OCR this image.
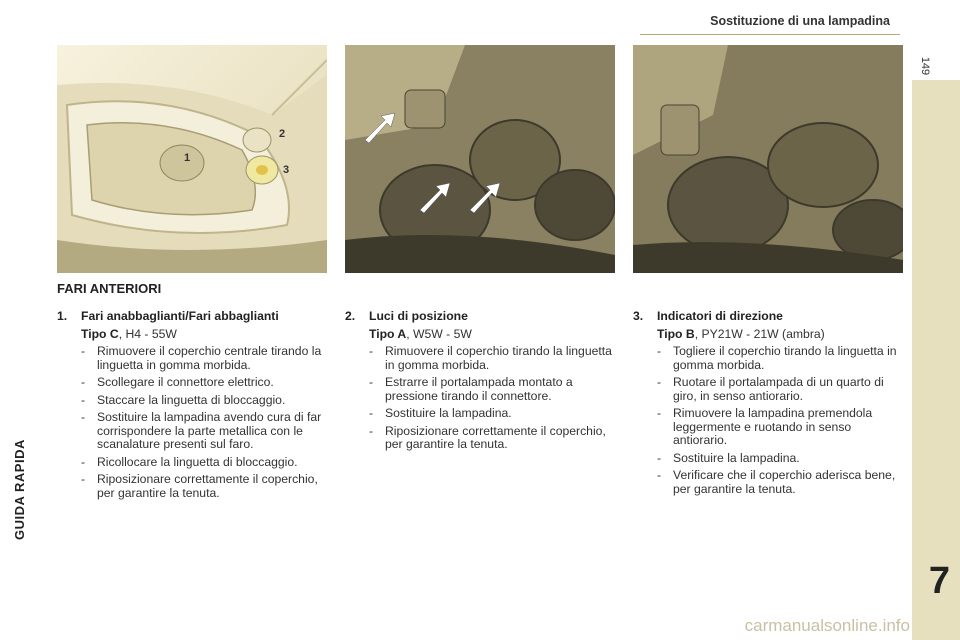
GUIDA RAPIDA
7
Sostituzione di una lampadina
149
1
2
3
FARI ANTERIORI
1.	Fari anabbaglianti/Fari abbaglianti
Tipo C, H4 - 55W
- Rimuovere il coperchio centrale tirando la linguetta in gomma morbida.
- Scollegare il connettore elettrico.
- Staccare la linguetta di bloccaggio.
- Sostituire la lampadina avendo cura di far corrispondere la parte metallica con le scanalature presenti sul faro.
- Ricollocare la linguetta di bloccaggio.
- Riposizionare correttamente il coperchio, per garantire la tenuta.
2.	Luci di posizione
Tipo A, W5W - 5W
- Rimuovere il coperchio tirando la linguetta in gomma morbida.
- Estrarre il portalampada montato a pressione tirando il connettore.
- Sostituire la lampadina.
- Riposizionare correttamente il coperchio, per garantire la tenuta.
3.	Indicatori di direzione
Tipo B, PY21W - 21W (ambra)
- Togliere il coperchio tirando la linguetta in gomma morbida.
- Ruotare il portalampada di un quarto di giro, in senso antiorario.
- Rimuovere la lampadina premendola leggermente e ruotando in senso antiorario.
- Sostituire la lampadina.
- Verificare che il coperchio aderisca bene, per garantire la tenuta.
carmanualsonline.info
